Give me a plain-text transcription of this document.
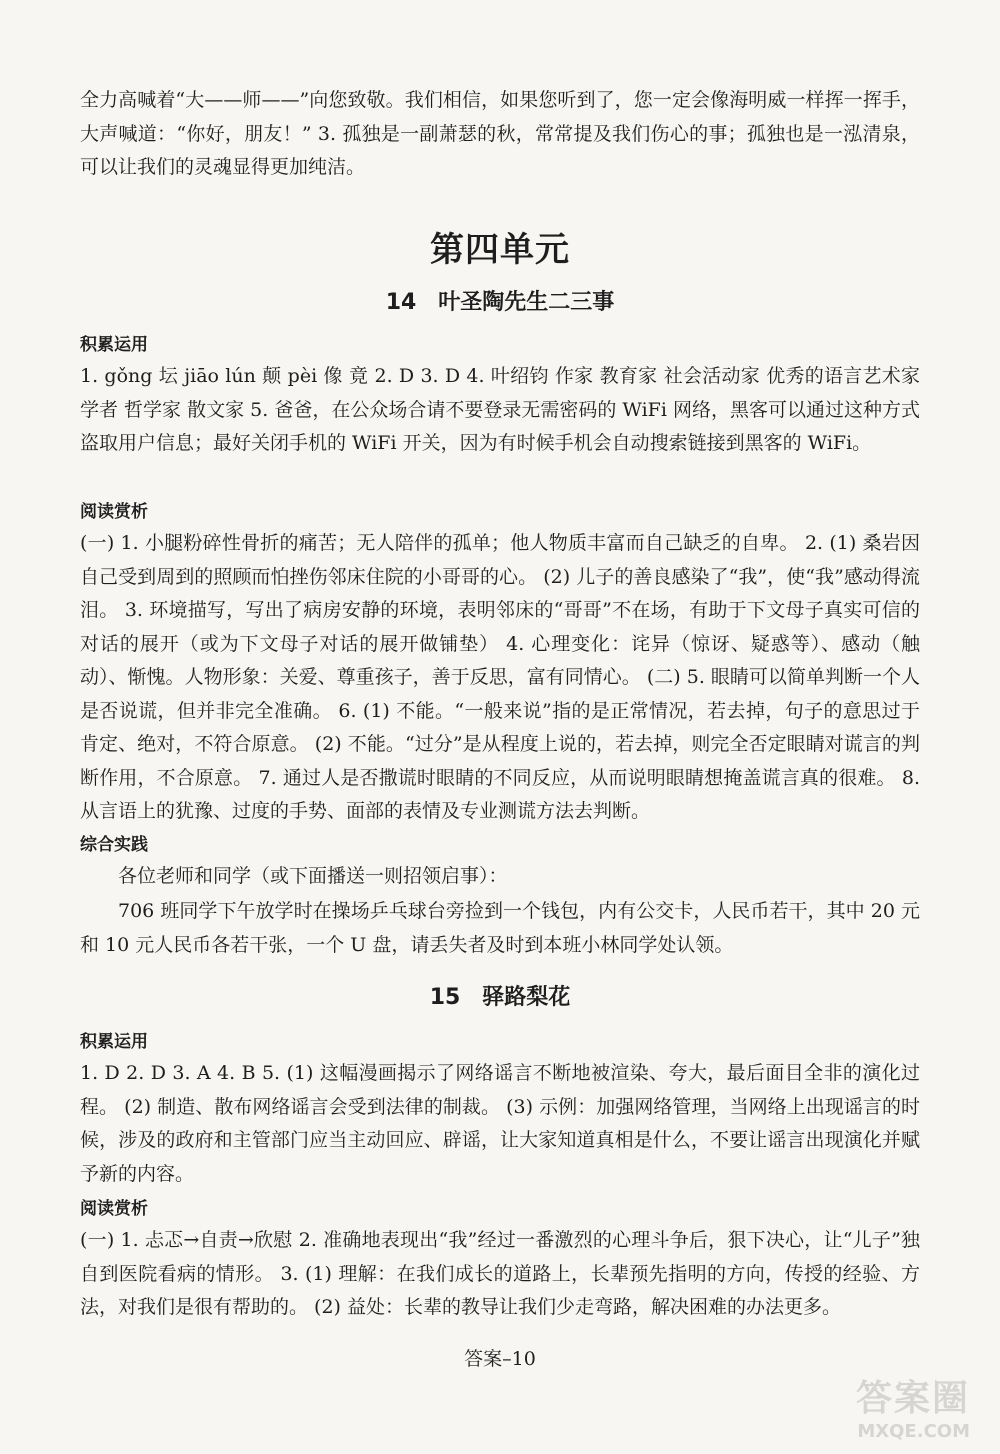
全力高喊着“大——师——”向您致敬。我们相信，如果您听到了，您一定会像海明威一样挥一挥手，大声喊道：“你好，朋友！” 3. 孤独是一副萧瑟的秋，常常提及我们伤心的事；孤独也是一泓清泉，可以让我们的灵魂显得更加纯洁。

第四单元
14　叶圣陶先生二三事
积累运用

1. gǒng 坛 jiāo lún 颠 pèi 像 竟 2. D 3. D 4. 叶绍钧 作家 教育家 社会活动家 优秀的语言艺术家 学者 哲学家 散文家 5. 爸爸，在公众场合请不要登录无需密码的 WiFi 网络，黑客可以通过这种方式盗取用户信息；最好关闭手机的 WiFi 开关，因为有时候手机会自动搜索链接到黑客的 WiFi。

阅读赏析

(一) 1. 小腿粉碎性骨折的痛苦；无人陪伴的孤单；他人物质丰富而自己缺乏的自卑。 2. (1) 桑岩因自己受到周到的照顾而怕挫伤邻床住院的小哥哥的心。 (2) 儿子的善良感染了“我”，使“我”感动得流泪。 3. 环境描写，写出了病房安静的环境，表明邻床的“哥哥”不在场，有助于下文母子真实可信的对话的展开（或为下文母子对话的展开做铺垫） 4. 心理变化：诧异（惊讶、疑惑等）、感动（触动）、惭愧。人物形象：关爱、尊重孩子，善于反思，富有同情心。 (二) 5. 眼睛可以简单判断一个人是否说谎，但并非完全准确。 6. (1) 不能。“一般来说”指的是正常情况，若去掉，句子的意思过于肯定、绝对，不符合原意。 (2) 不能。“过分”是从程度上说的，若去掉，则完全否定眼睛对谎言的判断作用，不合原意。 7. 通过人是否撒谎时眼睛的不同反应，从而说明眼睛想掩盖谎言真的很难。 8. 从言语上的犹豫、过度的手势、面部的表情及专业测谎方法去判断。

综合实践

各位老师和同学（或下面播送一则招领启事）：

706 班同学下午放学时在操场乒乓球台旁捡到一个钱包，内有公交卡，人民币若干，其中 20 元和 10 元人民币各若干张，一个 U 盘，请丢失者及时到本班小林同学处认领。

15　驿路梨花
积累运用

1. D 2. D 3. A 4. B 5. (1) 这幅漫画揭示了网络谣言不断地被渲染、夸大，最后面目全非的演化过程。 (2) 制造、散布网络谣言会受到法律的制裁。 (3) 示例：加强网络管理，当网络上出现谣言的时候，涉及的政府和主管部门应当主动回应、辟谣，让大家知道真相是什么，不要让谣言出现演化并赋予新的内容。

阅读赏析

(一) 1. 忐忑→自责→欣慰 2. 准确地表现出“我”经过一番激烈的心理斗争后，狠下决心，让“儿子”独自到医院看病的情形。 3. (1) 理解：在我们成长的道路上，长辈预先指明的方向，传授的经验、方法，对我们是很有帮助的。 (2) 益处：长辈的教导让我们少走弯路，解决困难的办法更多。

答案–10

答案圈
MXQE.COM
